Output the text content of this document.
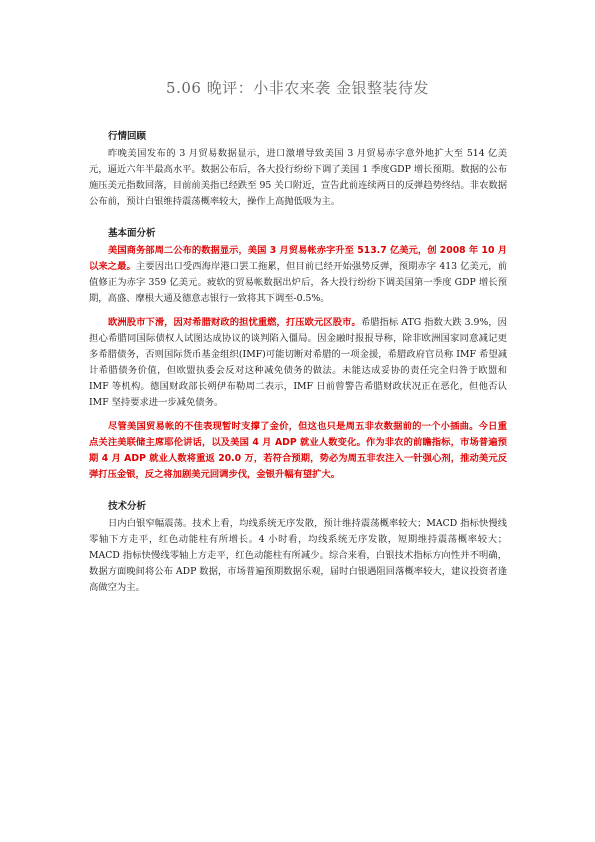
5.06 晚评：小非农来袭 金银整装待发
行情回顾

昨晚美国发布的 3 月贸易数据显示，进口激增导致美国 3 月贸易赤字意外地扩大至 514 亿美元，逼近六年半最高水平。数据公布后，各大投行纷纷下调了美国 1 季度GDP 增长预期。数据的公布施压美元指数回落，目前前美指已经跌至 95 关口附近，宣告此前连续两日的反弹趋势终结。非农数据公布前，预计白银维持震荡概率较大，操作上高抛低吸为主。

基本面分析

美国商务部周二公布的数据显示，美国 3 月贸易帐赤字升至 513.7 亿美元，创 2008 年 10 月以来之最。主要因出口受西海岸港口罢工拖累，但目前已经开始强势反弹，预期赤字 413 亿美元，前值修正为赤字 359 亿美元。疲软的贸易帐数据出炉后，各大投行纷纷下调美国第一季度 GDP 增长预期，高盛、摩根大通及德意志银行一致将其下调至-0.5%。

欧洲股市下滑，因对希腊财政的担忧重燃，打压欧元区股市。希腊指标 ATG 指数大跌 3.9%，因担心希腊同国际债权人试图达成协议的谈判陷入僵局。因金融时报报导称，除非欧洲国家同意减记更多希腊债务，否则国际货币基金组织(IMF)可能切断对希腊的一项金援，希腊政府官员称 IMF 希望减计希腊债务价值，但欧盟执委会反对这种减免债务的做法。未能达成妥协的责任完全归咎于欧盟和 IMF 等机构。德国财政部长朔伊布勒周二表示，IMF 日前曾警告希腊财政状况正在恶化，但他否认 IMF 坚持要求进一步减免债务。

尽管美国贸易帐的不佳表现暂时支撑了金价，但这也只是周五非农数据前的一个小插曲。今日重点关注美联储主席耶伦讲话，以及美国 4 月 ADP 就业人数变化。作为非农的前瞻指标，市场普遍预期 4 月 ADP 就业人数将重返 20.0 万，若符合预期，势必为周五非农注入一针强心剂，推动美元反弹打压金银，反之将加剧美元回调步伐，金银升幅有望扩大。

技术分析

日内白银窄幅震荡。技术上看，均线系统无序发散，预计维持震荡概率较大；MACD 指标快慢线零轴下方走平，红色动能柱有所增长。4 小时看，均线系统无序发散，短期维持震荡概率较大；MACD 指标快慢线零轴上方走平，红色动能柱有所减少。综合来看，白银技术指标方向性并不明确，数据方面晚间将公布 ADP 数据，市场普遍预期数据乐观，届时白银遇阻回落概率较大，建议投资者逢高做空为主。
